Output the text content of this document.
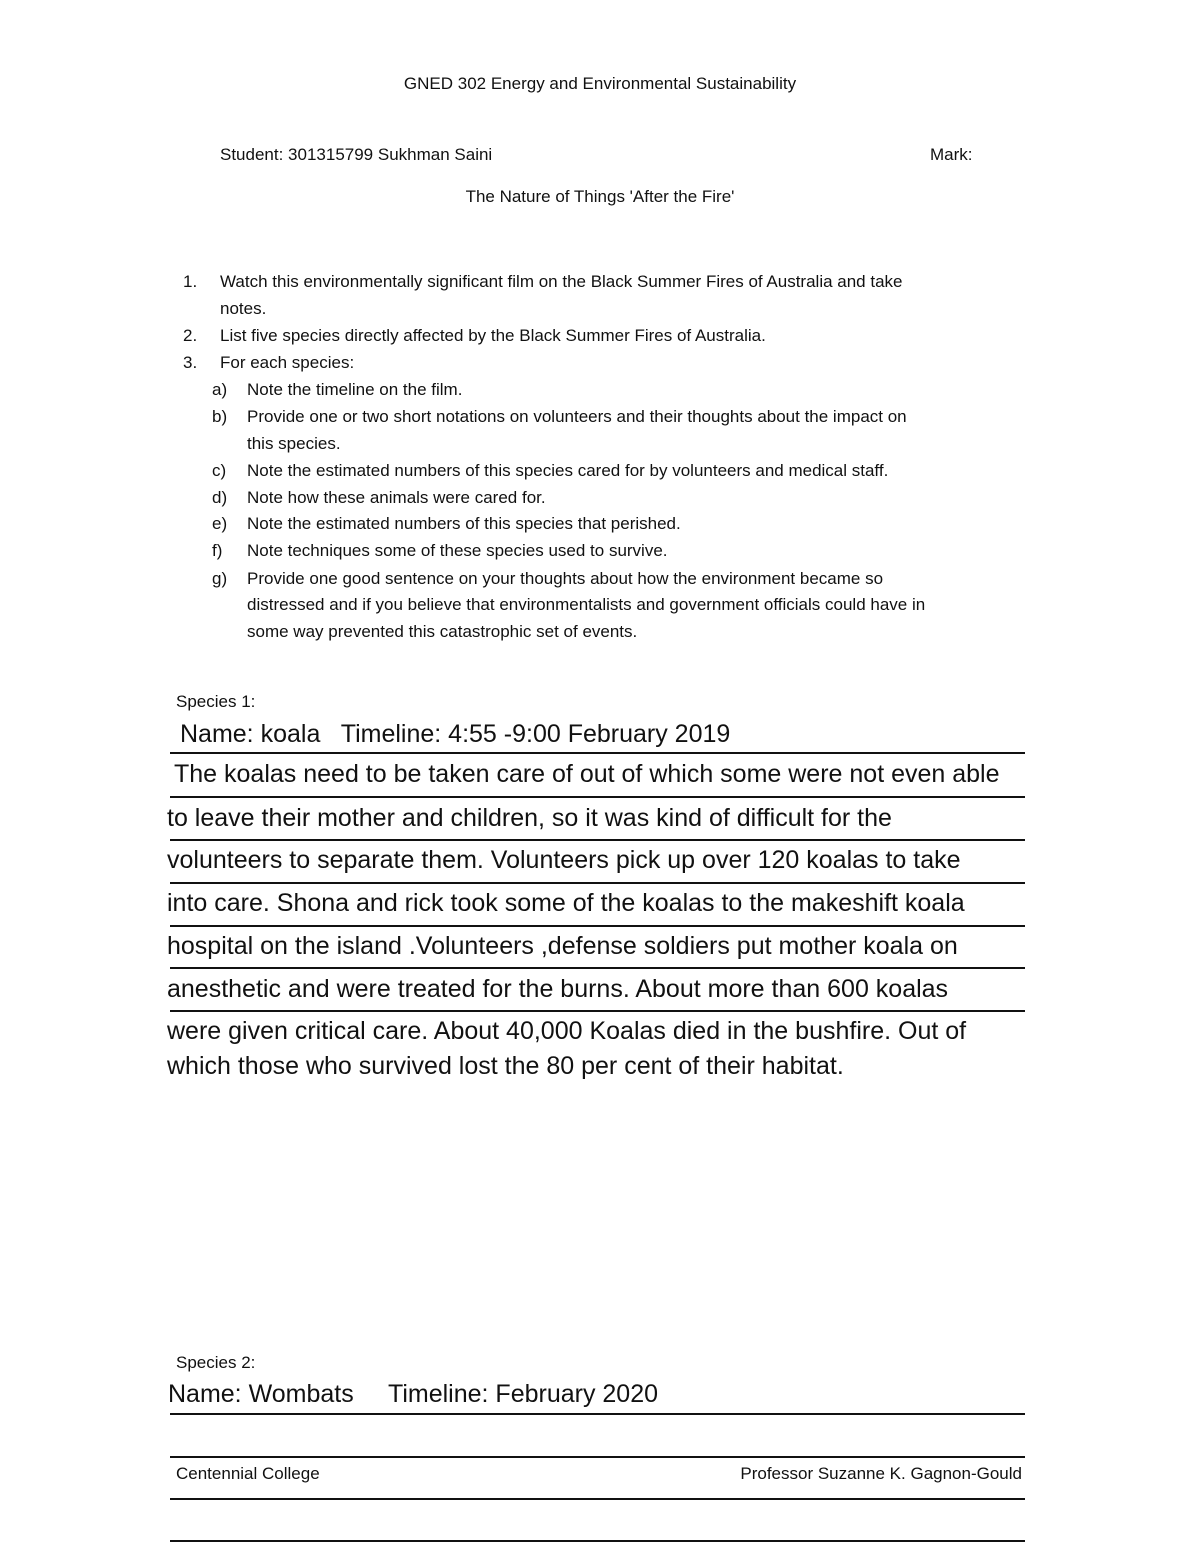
GNED 302 Energy and Environmental Sustainability
Student: 301315799 Sukhman Saini	Mark:
The Nature of Things 'After the Fire'
1. Watch this environmentally significant film on the Black Summer Fires of Australia and take
notes.
2. List five species directly affected by the Black Summer Fires of Australia.
3. For each species:
a) Note the timeline on the film.
b) Provide one or two short notations on volunteers and their thoughts about the impact on
this species.
c) Note the estimated numbers of this species cared for by volunteers and medical staff.
d) Note how these animals were cared for.
e) Note the estimated numbers of this species that perished.
f) Note techniques some of these species used to survive.
g) Provide one good sentence on your thoughts about how the environment became so
distressed and if you believe that environmentalists and government officials could have in
some way prevented this catastrophic set of events.
Species 1:
Name: koala   Timeline: 4:55 -9:00 February 2019
The koalas need to be taken care of out of which some were not even able
to leave their mother and children, so it was kind of difficult for the
volunteers to separate them. Volunteers pick up over 120 koalas to take
into care. Shona and rick took some of the koalas to the makeshift koala
hospital on the island .Volunteers ,defense soldiers put mother koala on
anesthetic and were treated for the burns. About more than 600 koalas
were given critical care. About 40,000 Koalas died in the bushfire. Out of
which those who survived lost the 80 per cent of their habitat.
Species 2:
Name: Wombats     Timeline: February 2020
Centennial College	Professor Suzanne K. Gagnon-Gould
